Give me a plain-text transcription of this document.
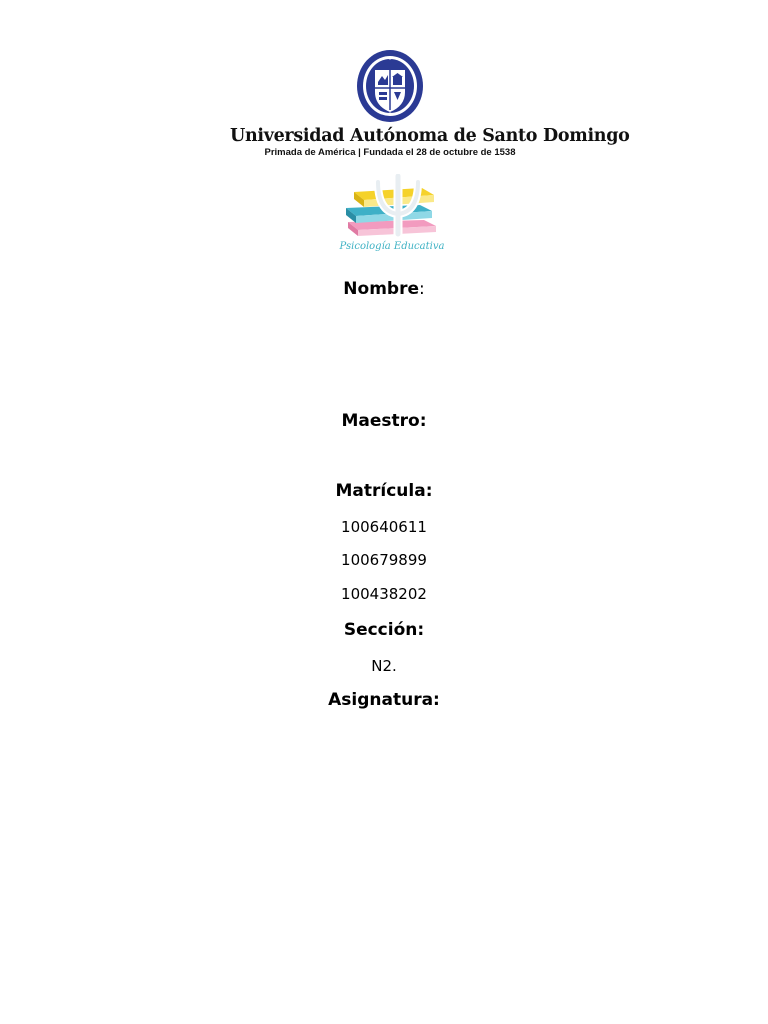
Universidad Autónoma de Santo Domingo
Primada de América | Fundada el 28 de octubre de 1538
Psicología Educativa
Nombre:
Maestro:
Matrícula:
100640611
100679899
100438202
Sección:
N2.
Asignatura:
